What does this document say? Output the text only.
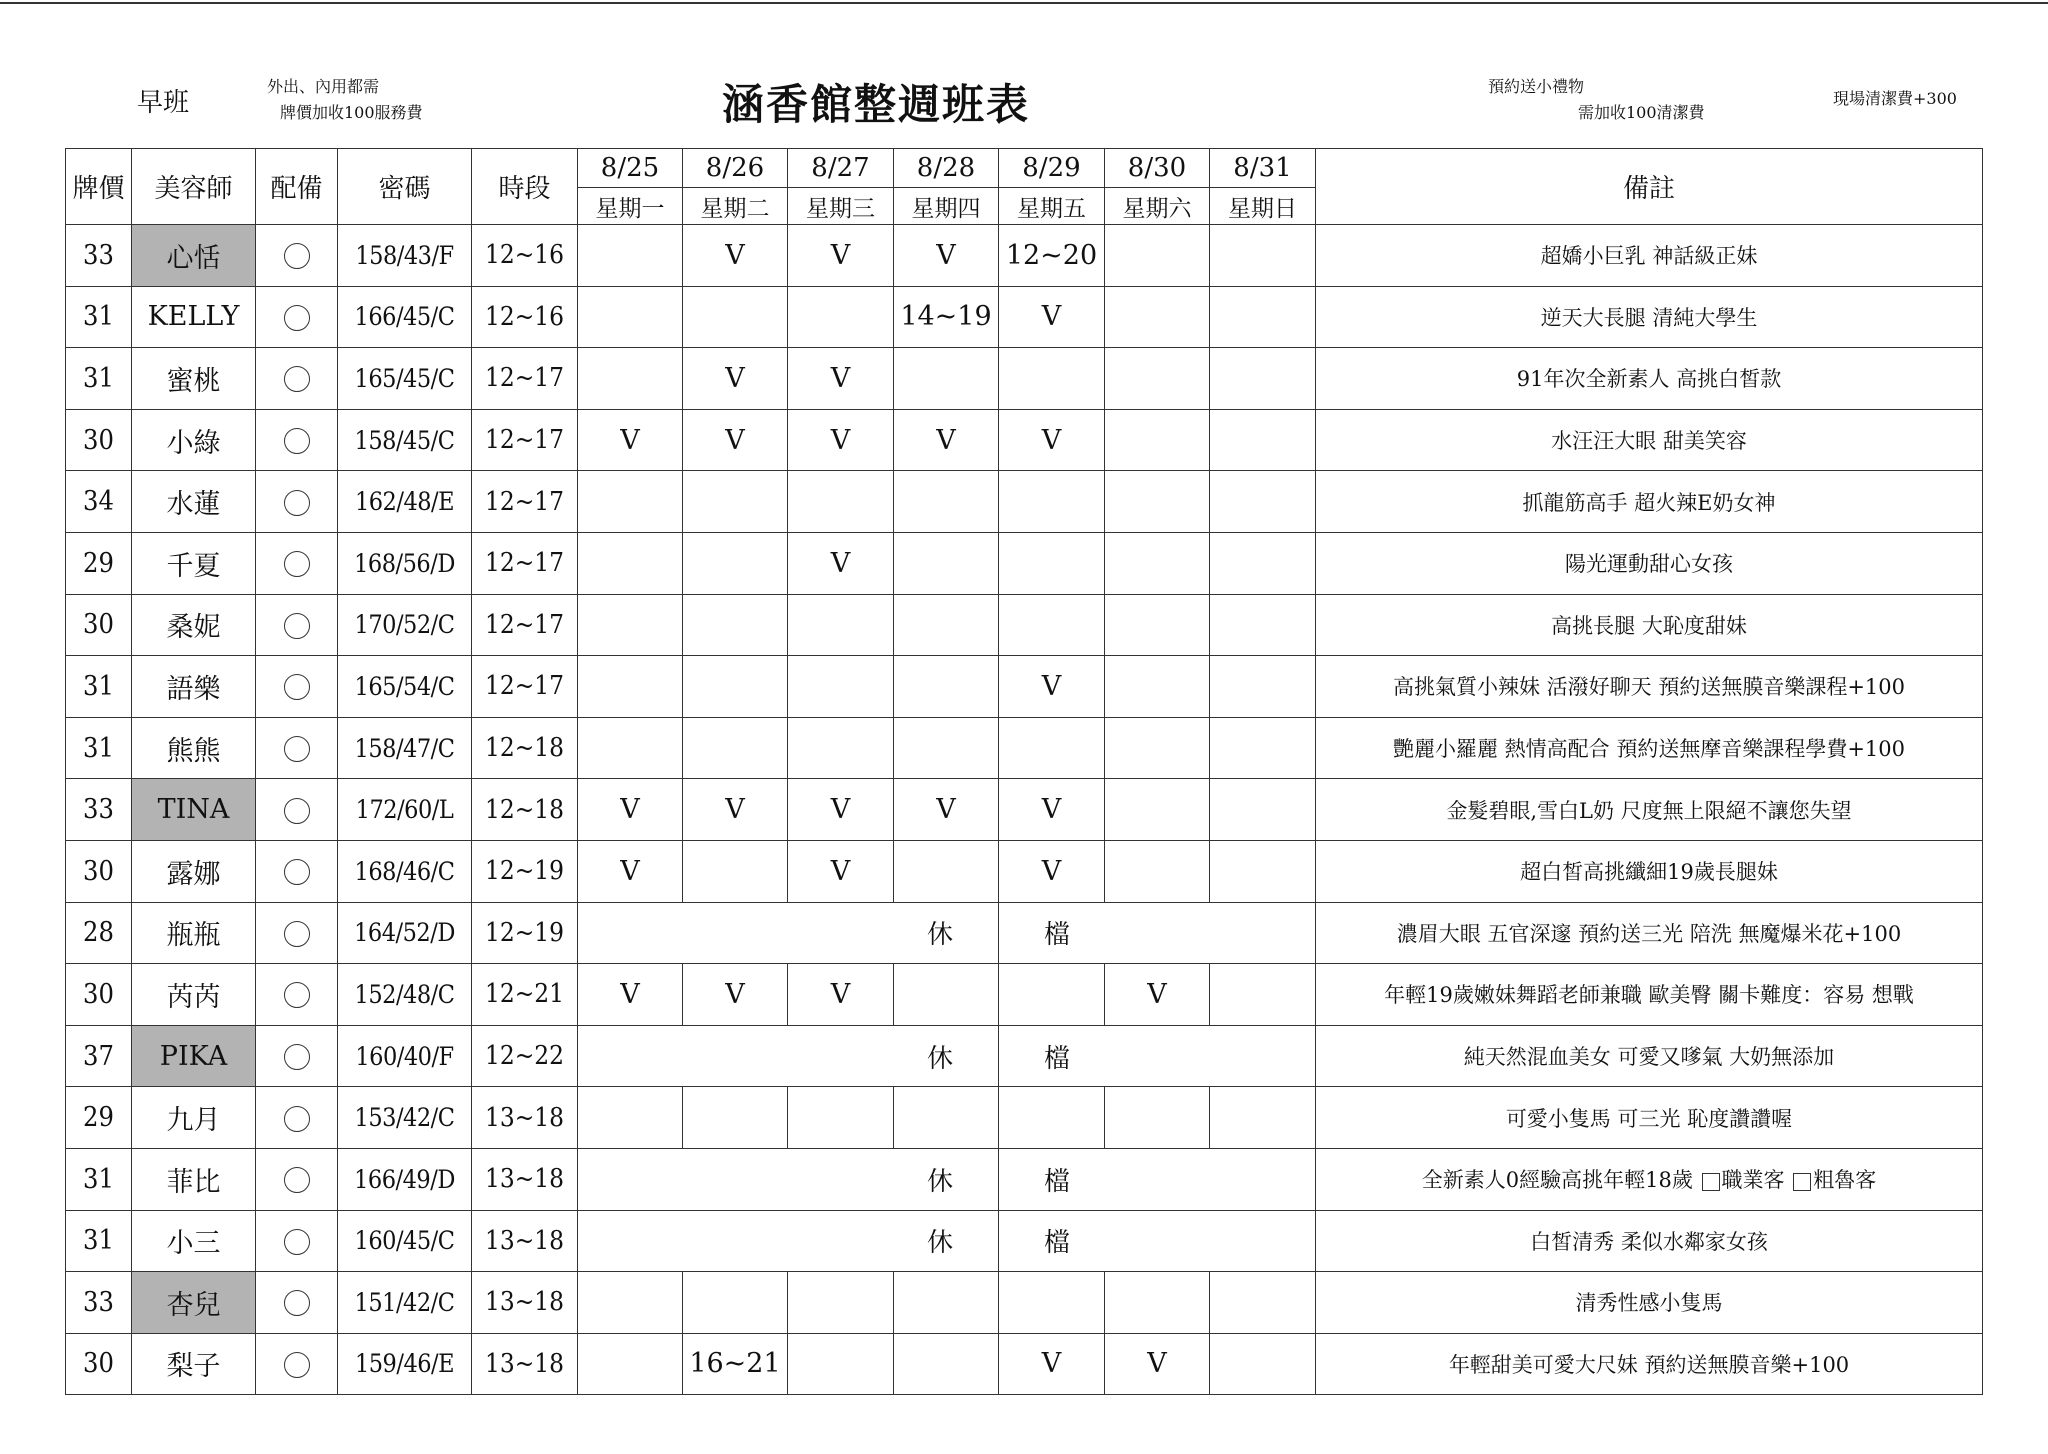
早班
外出、內用都需
牌價加收100服務費	涵香館整週班表	預約送小禮物
需加收100清潔費
現場清潔費+300
牌價	美容師	配備	密碼	時段	8/25	8/26	8/27	8/28	8/29	8/30	8/31	備註
					星期一	星期二	星期三	星期四	星期五	星期六	星期日	
33	心恬		158/43/F	12~16		V	V	V	12~20			超嬌小巨乳 神話級正妹
31	KELLY		166/45/C	12~16				14~19	V			逆天大長腿 清純大學生
31	蜜桃		165/45/C	12~17		V	V					91年次全新素人 高挑白皙款
30	小綠		158/45/C	12~17	V	V	V	V	V			水汪汪大眼 甜美笑容
34	水蓮		162/48/E	12~17								抓龍筋高手 超火辣E奶女神
29	千夏		168/56/D	12~17			V					陽光運動甜心女孩
30	桑妮		170/52/C	12~17								高挑長腿 大恥度甜妹
31	語樂		165/54/C	12~17					V			高挑氣質小辣妹 活潑好聊天 預約送無膜音樂課程+100
31	熊熊		158/47/C	12~18								艷麗小羅麗 熱情高配合 預約送無摩音樂課程學費+100
33	TINA		172/60/L	12~18	V	V	V	V	V			金髮碧眼,雪白L奶 尺度無上限絕不讓您失望
30	露娜		168/46/C	12~19	V		V		V			超白皙高挑纖細19歲長腿妹
28	瓶瓶		164/52/D	12~19	休				檔			濃眉大眼 五官深邃 預約送三光 陪洗 無魔爆米花+100
30	芮芮		152/48/C	12~21	V	V	V			V		年輕19歲嫩妹舞蹈老師兼職 歐美臀 關卡難度：容易 想戰
37	PIKA		160/40/F	12~22	休				檔			純天然混血美女 可愛又嗲氣 大奶無添加
29	九月		153/42/C	13~18								可愛小隻馬 可三光 恥度讚讚喔
31	菲比		166/49/D	13~18	休				檔			全新素人0經驗高挑年輕18歲 職業客 粗魯客
31	小三		160/45/C	13~18	休				檔			白皙清秀 柔似水鄰家女孩
33	杏兒		151/42/C	13~18								清秀性感小隻馬
30	梨子		159/46/E	13~18		16~21			V	V		年輕甜美可愛大尺妹 預約送無膜音樂+100
